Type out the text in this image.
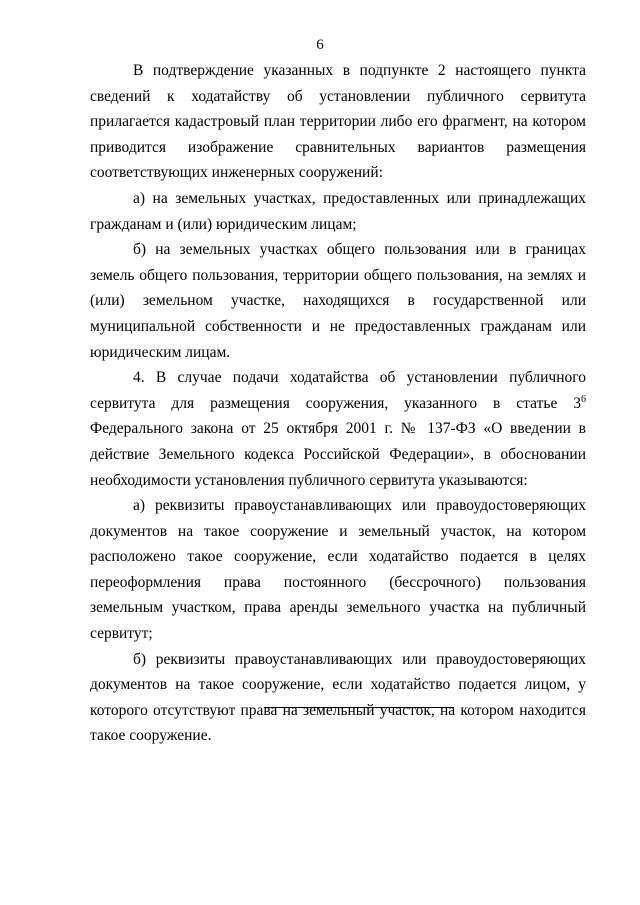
6

В подтверждение указанных в подпункте 2 настоящего пункта сведений к ходатайству об установлении публичного сервитута прилагается кадастровый план территории либо его фрагмент, на котором приводится изображение сравнительных вариантов размещения соответствующих инженерных сооружений:

а) на земельных участках, предоставленных или принадлежащих гражданам и (или) юридическим лицам;

б) на земельных участках общего пользования или в границах земель общего пользования, территории общего пользования, на землях и (или) земельном участке, находящихся в государственной или муниципальной собственности и не предоставленных гражданам или юридическим лицам.

4. В случае подачи ходатайства об установлении публичного сервитута для размещения сооружения, указанного в статье $3^6$ Федерального закона от 25 октября 2001 г. № 137-ФЗ «О введении в действие Земельного кодекса Российской Федерации», в обосновании необходимости установления публичного сервитута указываются:

а) реквизиты правоустанавливающих или правоудостоверяющих документов на такое сооружение и земельный участок, на котором расположено такое сооружение, если ходатайство подается в целях переоформления права постоянного (бессрочного) пользования земельным участком, права аренды земельного участка на публичный сервитут;

б) реквизиты правоустанавливающих или правоудостоверяющих документов на такое сооружение, если ходатайство подается лицом, у которого отсутствуют права на земельный участок, на котором находится такое сооружение.
